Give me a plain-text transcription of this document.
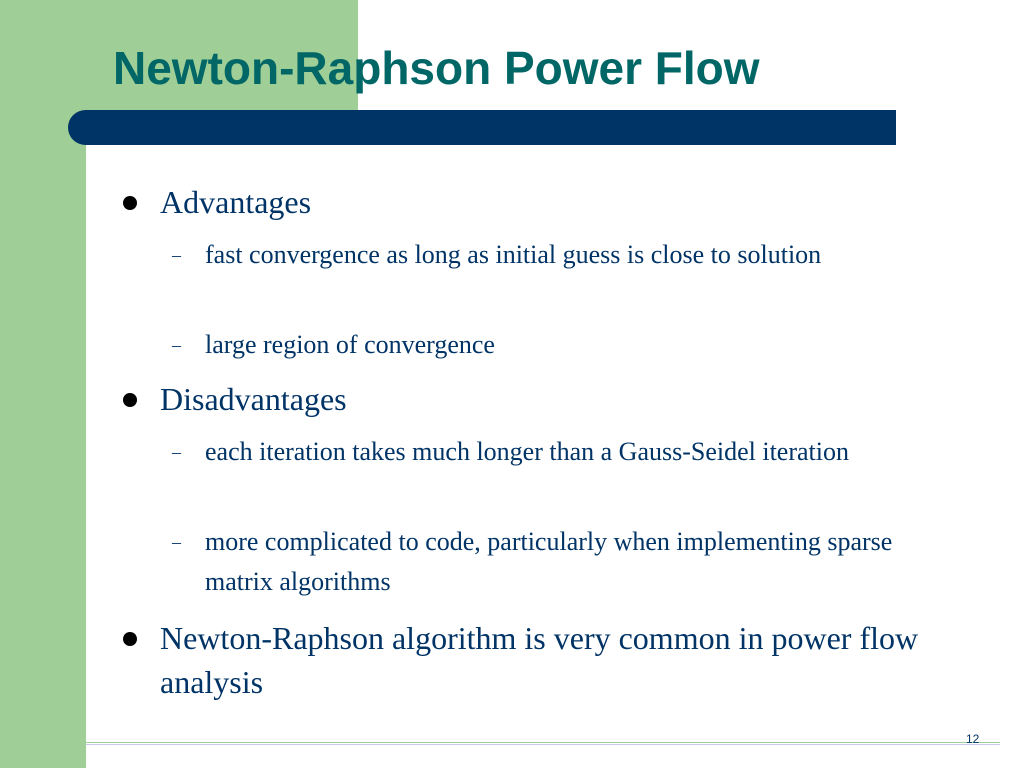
Newton-Raphson Power Flow
Advantages
– fast convergence as long as initial guess is close to solution
– large region of convergence
Disadvantages
– each iteration takes much longer than a Gauss-Seidel iteration
– more complicated to code, particularly when implementing sparse matrix algorithms
Newton-Raphson algorithm is very common in power flow analysis
12
